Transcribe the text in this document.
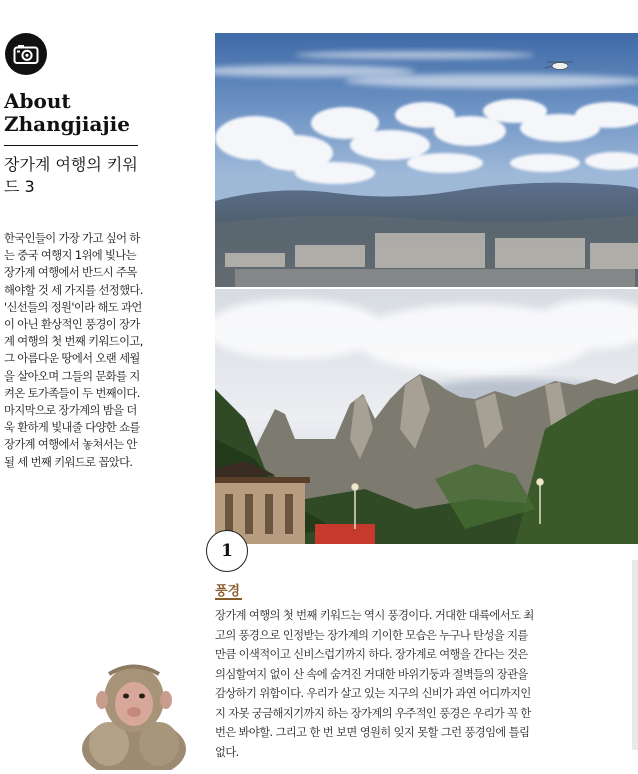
About Zhangjiajie
장가계 여행의 키워드 3
한국인들이 가장 가고 싶어 하는 중국 여행지 1위에 빛나는 장가계 여행에서 반드시 주목해야할 것 세 가지를 선정했다. '신선들의 정원'이라 해도 과언이 아닌 환상적인 풍경이 장가계 여행의 첫 번째 키워드이고, 그 아름다운 땅에서 오랜 세월을 살아오며 그들의 문화를 지켜온 토가족들이 두 번째이다. 마지막으로 장가계의 밤을 더욱 환하게 빛내줄 다양한 쇼를 장가계 여행에서 놓쳐서는 안 될 세 번째 키워드로 꼽았다.
1
풍경
장가계 여행의 첫 번째 키워드는 역시 풍경이다. 거대한 대륙에서도 최고의 풍경으로 인정받는 장가계의 기이한 모습은 누구나 탄성을 지를 만큼 이색적이고 신비스럽기까지 하다. 장가계로 여행을 간다는 것은 의심할여지 없이 산 속에 숨겨진 거대한 바위기둥과 절벽들의 장관을 감상하기 위함이다. 우리가 살고 있는 지구의 신비가 과연 어디까지인지 자못 궁금해지기까지 하는 장가계의 우주적인 풍경은 우리가 꼭 한 번은 봐야할. 그리고 한 번 보면 영원히 잊지 못할 그런 풍경임에 틀림없다.
